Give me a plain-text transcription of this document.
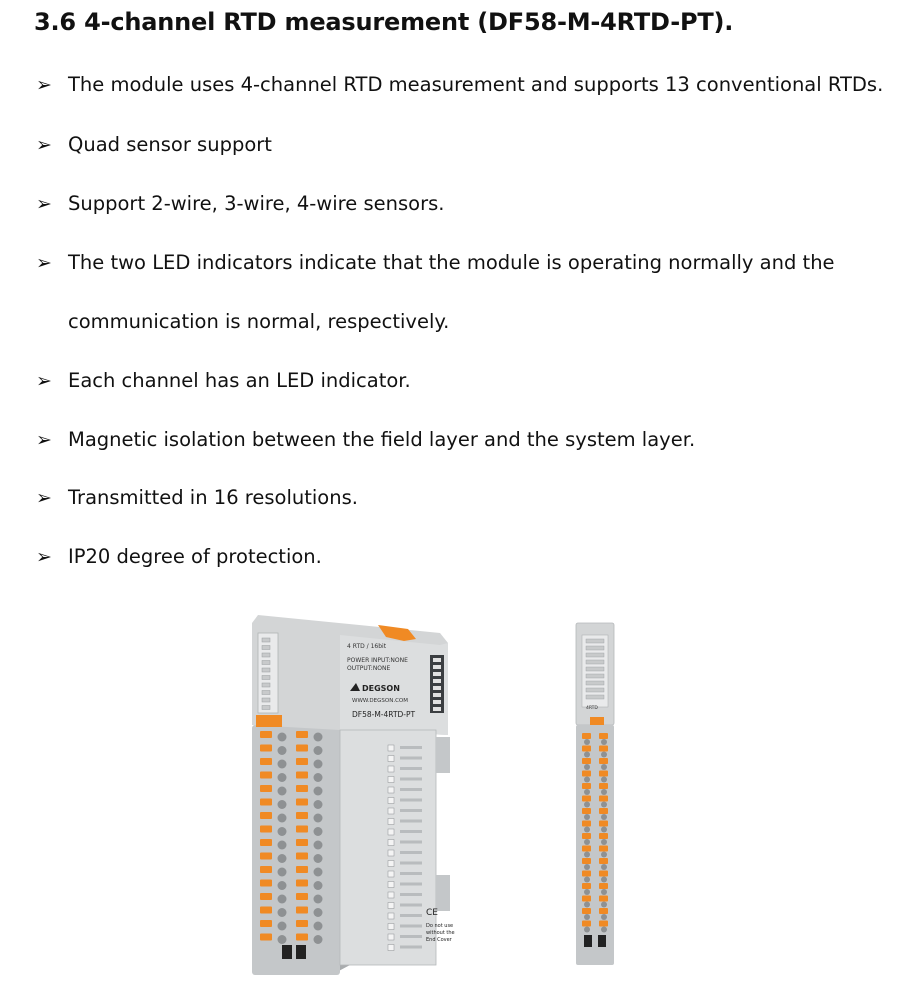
3.6 4-channel RTD measurement (DF58-M-4RTD-PT).
➢ The module uses 4-channel RTD measurement and supports 13 conventional RTDs.
➢ Quad sensor support
➢ Support 2-wire, 3-wire, 4-wire sensors.
➢ The two LED indicators indicate that the module is operating normally and the
communication is normal, respectively.
➢ Each channel has an LED indicator.
➢ Magnetic isolation between the field layer and the system layer.
➢ Transmitted in 16 resolutions.
➢ IP20 degree of protection.
4 RTD / 16bit
POWER INPUT:NONE
OUTPUT:NONE
DEGSON
WWW.DEGSON.COM
DF58-M-4RTD-PT
CE
Do not use
without the
End Cover
4RTD
